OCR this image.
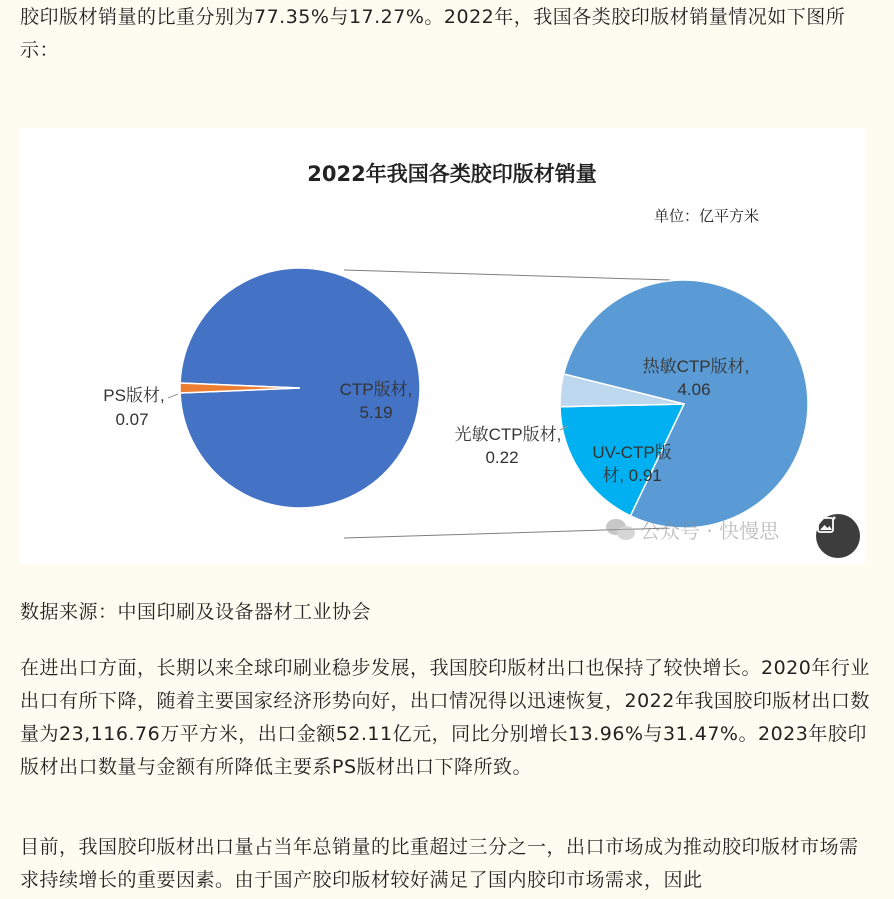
胶印版材销量的比重分别为77.35%与17.27%。2022年，我国各类胶印版材销量情况如下图所示：

2022年我国各类胶印版材销量
单位：亿平方米
CTP版材,
5.19
PS版材,
0.07
热敏CTP版材,
4.06
UV-CTP版
材, 0.91
光敏CTP版材,
0.22
公众号 · 快慢思

数据来源：中国印刷及设备器材工业协会

在进出口方面，长期以来全球印刷业稳步发展，我国胶印版材出口也保持了较快增长。2020年行业出口有所下降，随着主要国家经济形势向好，出口情况得以迅速恢复，2022年我国胶印版材出口数量为23,116.76万平方米，出口金额52.11亿元，同比分别增长13.96%与31.47%。2023年胶印版材出口数量与金额有所降低主要系PS版材出口下降所致。

目前，我国胶印版材出口量占当年总销量的比重超过三分之一，出口市场成为推动胶印版材市场需求持续增长的重要因素。由于国产胶印版材较好满足了国内胶印市场需求，因此
